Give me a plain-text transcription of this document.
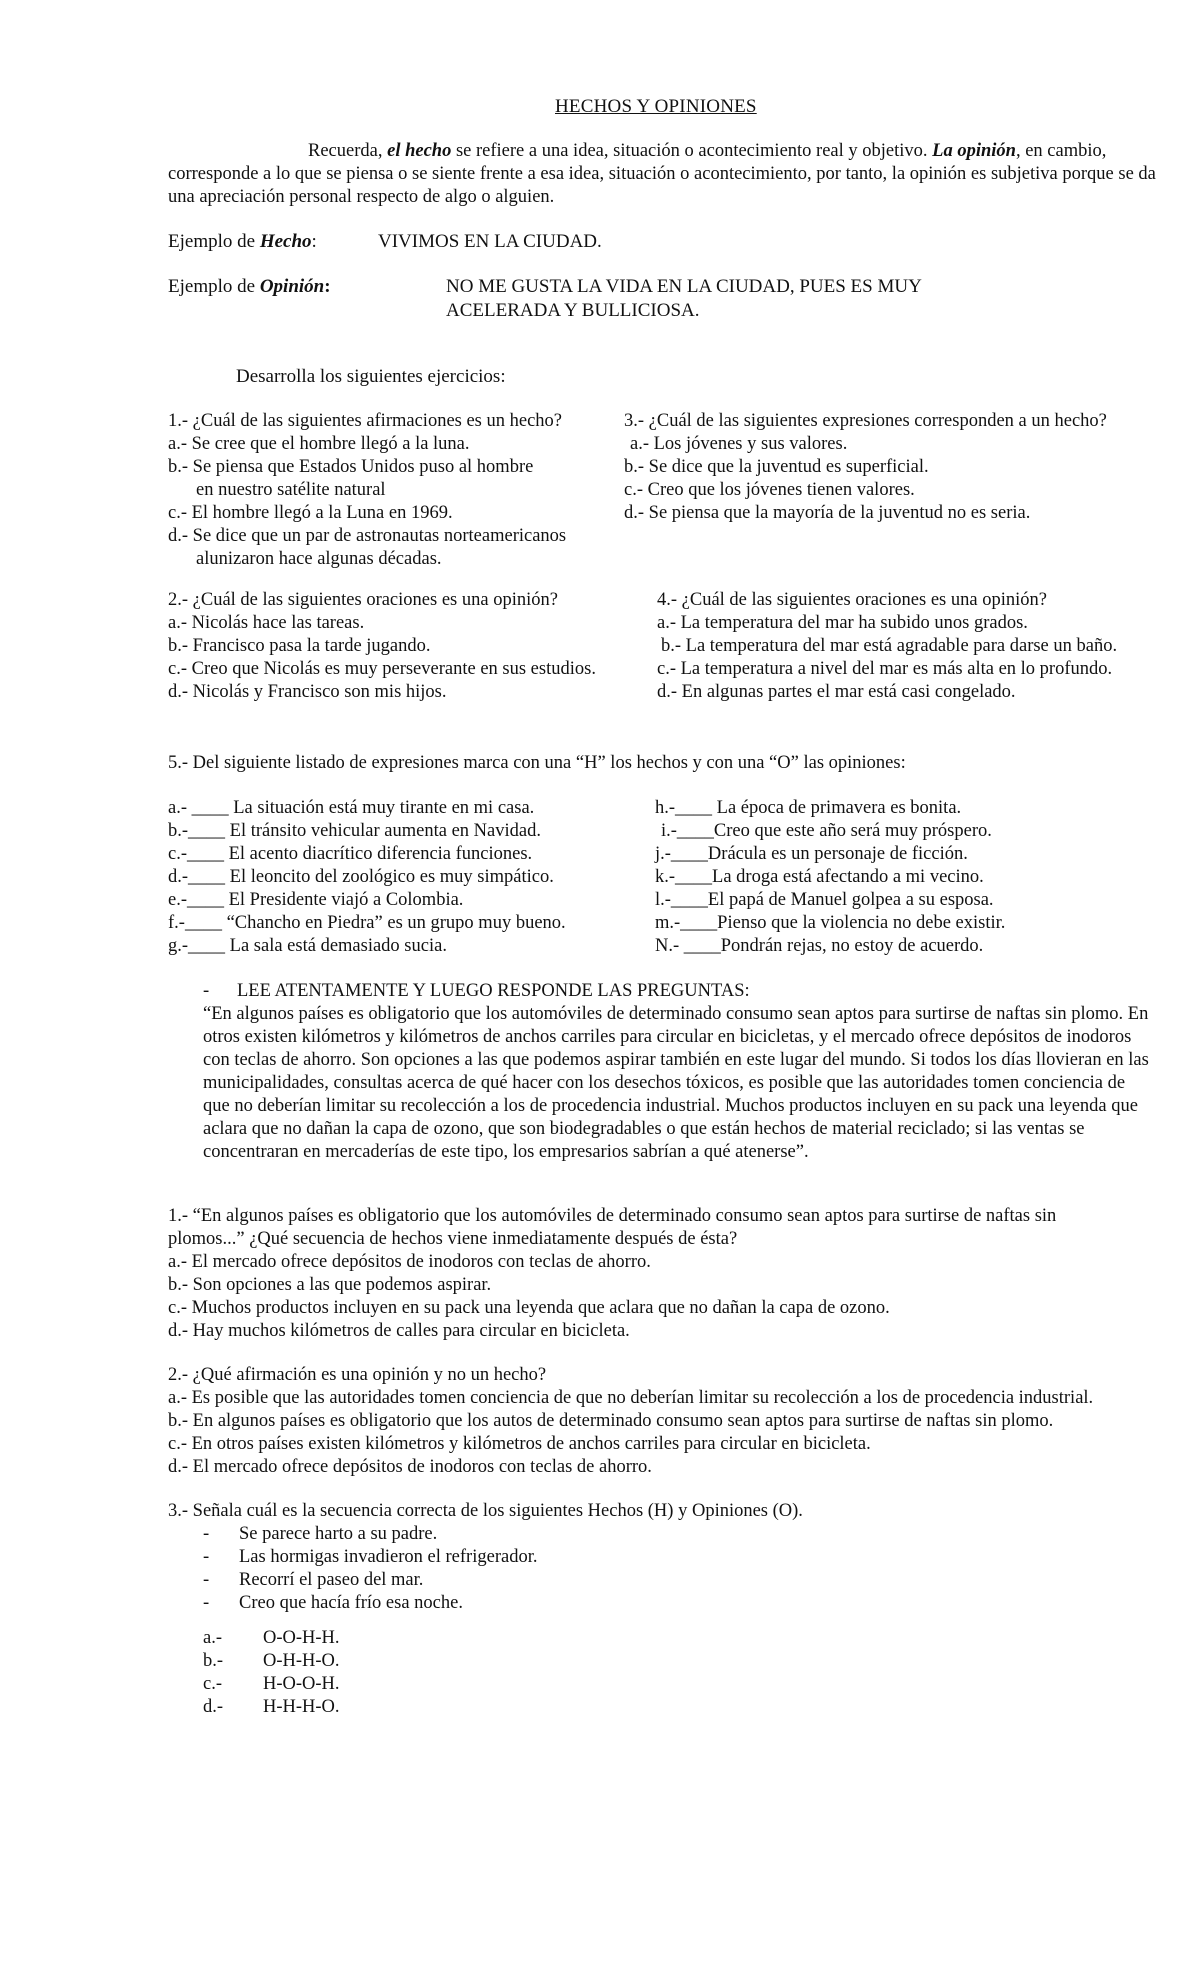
HECHOS Y OPINIONES

Recuerda, el hecho se refiere a una idea, situación o acontecimiento real y objetivo. La opinión, en cambio, corresponde a lo que se piensa o se siente frente a esa idea, situación o acontecimiento, por tanto, la opinión es subjetiva porque se da una apreciación personal respecto de algo o alguien.

Ejemplo de Hecho:	VIVIMOS EN LA CIUDAD.
Ejemplo de Opinión:	NO ME GUSTA LA VIDA EN LA CIUDAD, PUES ES MUY
ACELERADA Y BULLICIOSA.
Desarrolla los siguientes ejercicios:
1.- ¿Cuál de las siguientes afirmaciones es un hecho?
a.- Se cree que el hombre llegó a la luna.
b.- Se piensa que Estados Unidos puso al hombre
en nuestro satélite natural
c.- El hombre llegó a la Luna en 1969.
d.- Se dice que un par de astronautas norteamericanos
alunizaron hace algunas décadas.
3.- ¿Cuál de las siguientes expresiones corresponden a un hecho?
a.- Los jóvenes y sus valores.
b.- Se dice que la juventud es superficial.
c.- Creo que los jóvenes tienen valores.
d.- Se piensa que la mayoría de la juventud no es seria.
2.- ¿Cuál de las siguientes oraciones es una opinión?
a.- Nicolás hace las tareas.
b.- Francisco pasa la tarde jugando.
c.- Creo que Nicolás es muy perseverante en sus estudios.
d.- Nicolás y Francisco son mis hijos.
4.- ¿Cuál de las siguientes oraciones es una opinión?
a.- La temperatura del mar ha subido unos grados.
b.- La temperatura del mar está agradable para darse un baño.
c.- La temperatura a nivel del mar es más alta en lo profundo.
d.- En algunas partes el mar está casi congelado.
5.- Del siguiente listado de expresiones marca con una “H” los hechos y con una “O” las opiniones:
a.- ____ La situación está muy tirante en mi casa.
b.-____ El tránsito vehicular aumenta en Navidad.
c.-____ El acento diacrítico diferencia funciones.
d.-____ El leoncito del zoológico es muy simpático.
e.-____ El Presidente viajó a Colombia.
f.-____ “Chancho en Piedra” es un grupo muy bueno.
g.-____ La sala está demasiado sucia.
h.-____ La época de primavera es bonita.
i.-____Creo que este año será muy próspero.
j.-____Drácula es un personaje de ficción.
k.-____La droga está afectando a mi vecino.
l.-____El papá de Manuel golpea a su esposa.
m.-____Pienso que la violencia no debe existir.
N.- ____Pondrán rejas, no estoy de acuerdo.
- LEE ATENTAMENTE Y LUEGO RESPONDE LAS PREGUNTAS:

“En algunos países es obligatorio que los automóviles de determinado consumo sean aptos para surtirse de naftas sin plomo. En otros existen kilómetros y kilómetros de anchos carriles para circular en bicicletas, y el mercado ofrece depósitos de inodoros con teclas de ahorro. Son opciones a las que podemos aspirar también en este lugar del mundo. Si todos los días llovieran en las municipalidades, consultas acerca de qué hacer con los desechos tóxicos, es posible que las autoridades tomen conciencia de que no deberían limitar su recolección a los de procedencia industrial. Muchos productos incluyen en su pack una leyenda que aclara que no dañan la capa de ozono, que son biodegradables o que están hechos de material reciclado; si las ventas se concentraran en mercaderías de este tipo, los empresarios sabrían a qué atenerse”.

1.- “En algunos países es obligatorio que los automóviles de determinado consumo sean aptos para surtirse de naftas sin plomos...” ¿Qué secuencia de hechos viene inmediatamente después de ésta?

a.- El mercado ofrece depósitos de inodoros con teclas de ahorro.
b.- Son opciones a las que podemos aspirar.
c.- Muchos productos incluyen en su pack una leyenda que aclara que no dañan la capa de ozono.
d.- Hay muchos kilómetros de calles para circular en bicicleta.
2.- ¿Qué afirmación es una opinión y no un hecho?
a.- Es posible que las autoridades tomen conciencia de que no deberían limitar su recolección a los de procedencia industrial.
b.- En algunos países es obligatorio que los autos de determinado consumo sean aptos para surtirse de naftas sin plomo.
c.- En otros países existen kilómetros y kilómetros de anchos carriles para circular en bicicleta.
d.- El mercado ofrece depósitos de inodoros con teclas de ahorro.
3.- Señala cuál es la secuencia correcta de los siguientes Hechos (H) y Opiniones (O).
-	Se parece harto a su padre.
-	Las hormigas invadieron el refrigerador.
-	Recorrí el paseo del mar.
-	Creo que hacía frío esa noche.
a.-	O-O-H-H.
b.-	O-H-H-O.
c.-	H-O-O-H.
d.-	H-H-H-O.
